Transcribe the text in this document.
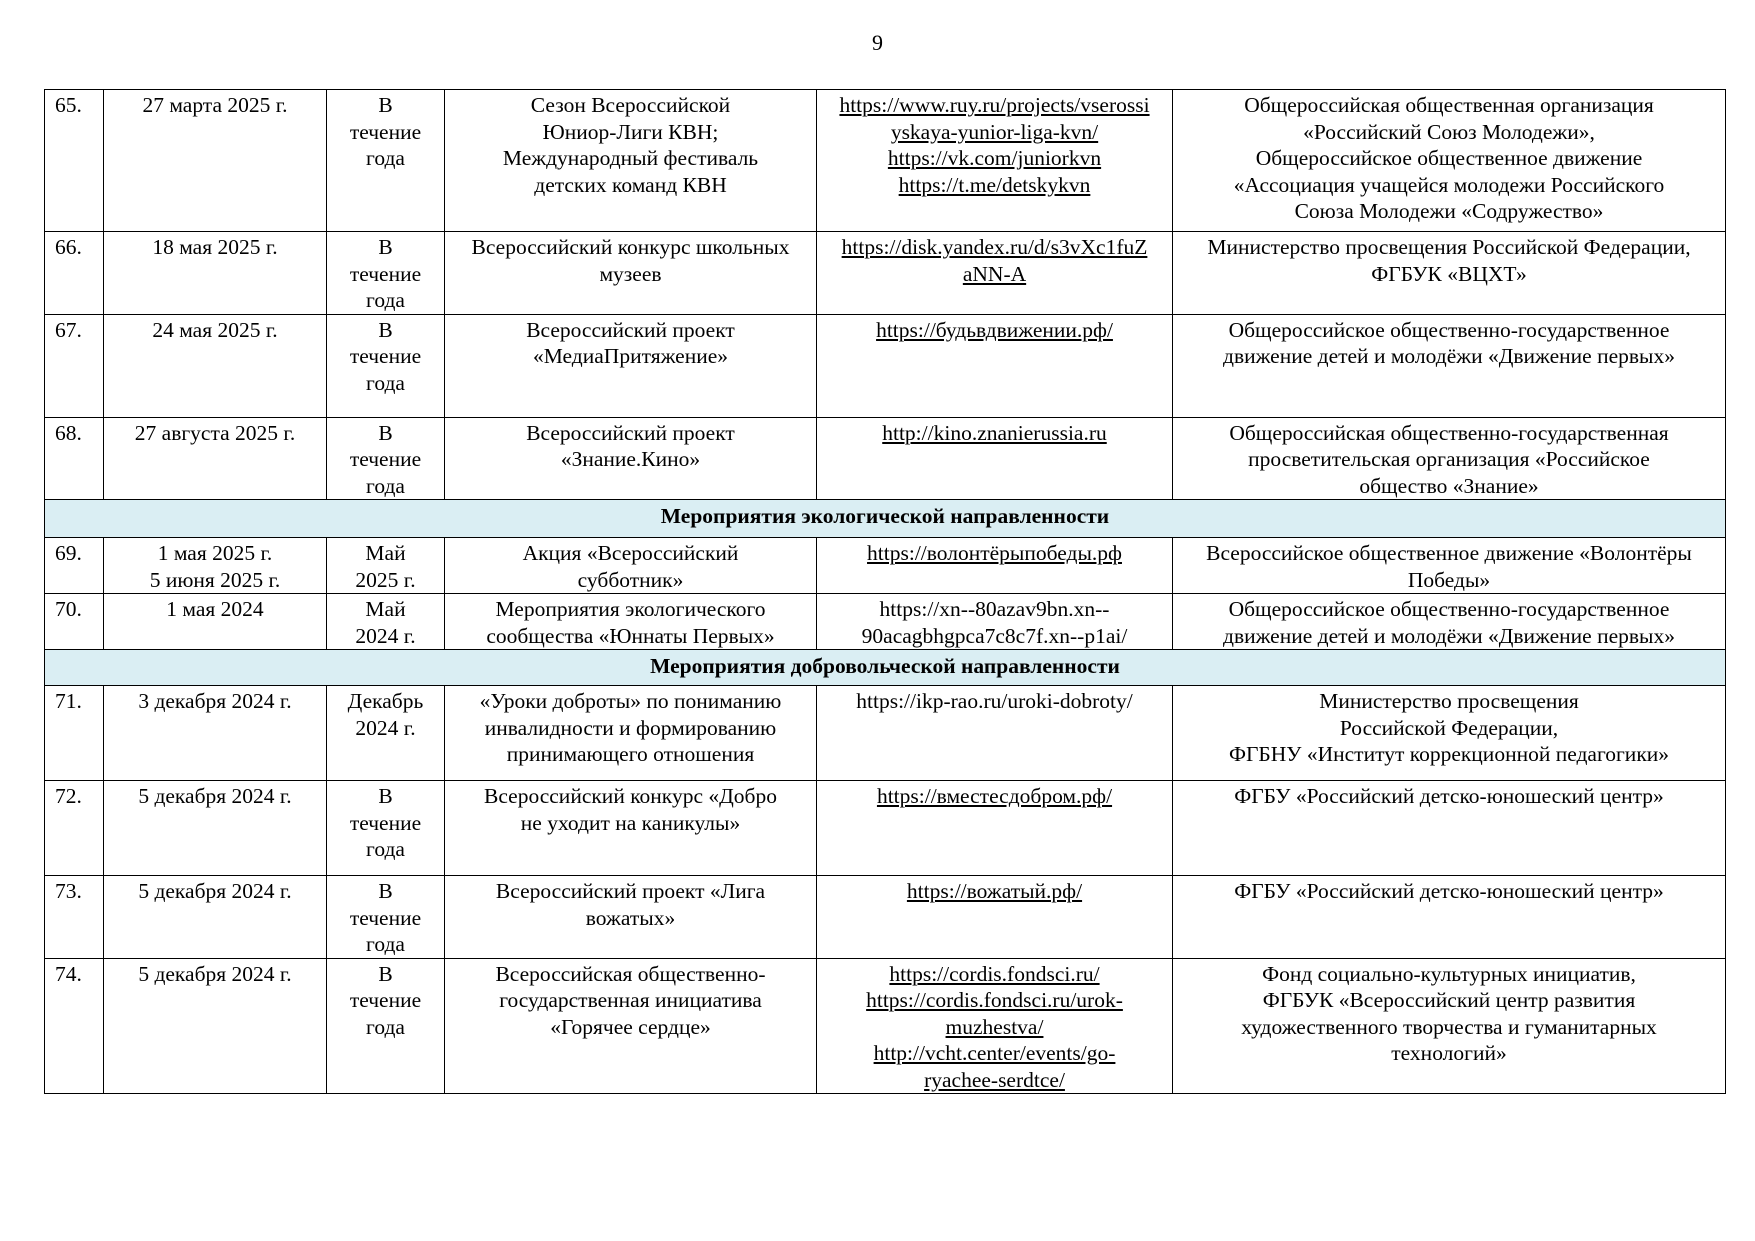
9
65.	27 марта 2025 г.	В
течение
года	Сезон Всероссийской
Юниор-Лиги КВН;
Международный фестиваль
детских команд КВН	https://www.ruy.ru/projects/vserossi
yskaya-yunior-liga-kvn/
https://vk.com/juniorkvn
https://t.me/detskykvn	Общероссийская общественная организация
«Российский Союз Молодежи»,
Общероссийское общественное движение
«Ассоциация учащейся молодежи Российского
Союза Молодежи «Содружество»

66.	18 мая 2025 г.	В
течение
года	Всероссийский конкурс школьных
музеев	https://disk.yandex.ru/d/s3vXc1fuZ
aNN-A	Министерство просвещения Российской Федерации,
ФГБУК «ВЦХТ»

67.	24 мая 2025 г.	В
течение
года	Всероссийский проект
«МедиаПритяжение»	https://будьвдвижении.рф/	Общероссийское общественно-государственное
движение детей и молодёжи «Движение первых»

68.	27 августа 2025 г.	В
течение
года	Всероссийский проект
«Знание.Кино»	http://kino.znanierussia.ru	Общероссийская общественно-государственная
просветительская организация «Российское
общество «Знание»

Мероприятия экологической направленности					
69.	1 мая 2025 г.
5 июня 2025 г.	Май
2025 г.	Акция «Всероссийский
субботник»	https://волонтёрыпобеды.рф	Всероссийское общественное движение «Волонтёры
Победы»

70.	1 мая 2024	Май
2024 г.	Мероприятия экологического
сообщества «Юннаты Первых»	https://xn--80azav9bn.xn--
90acagbhgpca7c8c7f.xn--p1ai/	Общероссийское общественно-государственное
движение детей и молодёжи «Движение первых»

Мероприятия добровольческой направленности					
71.	3 декабря 2024 г.	Декабрь
2024 г.	«Уроки доброты» по пониманию
инвалидности и формированию
принимающего отношения	https://ikp-rao.ru/uroki-dobroty/	Министерство просвещения
Российской Федерации,
ФГБНУ «Институт коррекционной педагогики»

72.	5 декабря 2024 г.	В
течение
года	Всероссийский конкурс «Добро
не уходит на каникулы»	https://вместесдобром.рф/	ФГБУ «Российский детско-юношеский центр»

73.	5 декабря 2024 г.	В
течение
года	Всероссийский проект «Лига
вожатых»	https://вожатый.рф/	ФГБУ «Российский детско-юношеский центр»

74.	5 декабря 2024 г.	В
течение
года	Всероссийская общественно-
государственная инициатива
«Горячее сердце»	https://cordis.fondsci.ru/
https://cordis.fondsci.ru/urok-
muzhestva/
http://vcht.center/events/go-
ryachee-serdtce/	Фонд социально-культурных инициатив,
ФГБУК «Всероссийский центр развития
художественного творчества и гуманитарных
технологий»
